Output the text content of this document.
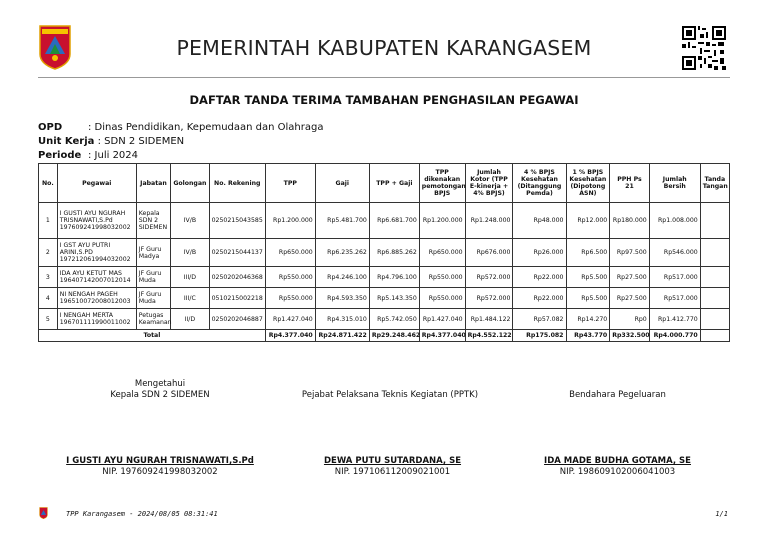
PEMERINTAH KABUPATEN KARANGASEM
DAFTAR TANDA TERIMA TAMBAHAN PENGHASILAN PEGAWAI
OPD	: Dinas Pendidikan, Kepemudaan dan Olahraga
Unit Kerja
: SDN 2 SIDEMEN
Periode : Juli 2024
No.	Pegawai	Jabatan	Golongan	No. Rekening	TPP	Gaji	TPP + Gaji	TPP dikenakan pemotongan BPJS	Jumlah Kotor (TPP E-kinerja + 4% BPJS)	4 % BPJS Kesehatan (Ditanggung Pemda)	1 % BPJS Kesehatan (Dipotong ASN)	PPH Ps 21	Jumlah Bersih	Tanda Tangan
1	I GUSTI AYU NGURAH TRISNAWATI,S.Pd 197609241998032002	Kepala SDN 2 SIDEMEN	IV/B	0250215043585	Rp1.200.000	Rp5.481.700	Rp6.681.700	Rp1.200.000	Rp1.248.000	Rp48.000	Rp12.000	Rp180.000	Rp1.008.000	
2	I GST AYU PUTRI ARINI,S.PD 197212061994032002	JF Guru Madya	IV/B	0250215044137	Rp650.000	Rp6.235.262	Rp6.885.262	Rp650.000	Rp676.000	Rp26.000	Rp6.500	Rp97.500	Rp546.000	
3	IDA AYU KETUT MAS 196407142007012014	JF Guru Muda	III/D	0250202046368	Rp550.000	Rp4.246.100	Rp4.796.100	Rp550.000	Rp572.000	Rp22.000	Rp5.500	Rp27.500	Rp517.000	
4	NI NENGAH PAGEH 196510072008012003	JF Guru Muda	III/C	0510215002218	Rp550.000	Rp4.593.350	Rp5.143.350	Rp550.000	Rp572.000	Rp22.000	Rp5.500	Rp27.500	Rp517.000	
5	I NENGAH MERTA 196701111990011002	Petugas Keamanan	II/D	0250202046887	Rp1.427.040	Rp4.315.010	Rp5.742.050	Rp1.427.040	Rp1.484.122	Rp57.082	Rp14.270	Rp0	Rp1.412.770	
Total					Rp4.377.040	Rp24.871.422	Rp29.248.462	Rp4.377.040	Rp4.552.122	Rp175.082	Rp43.770	Rp332.500	Rp4.000.770	
Mengetahui
Kepala SDN 2 SIDEMEN	Pejabat Pelaksana Teknis Kegiatan (PPTK)	Bendahara Pegeluaran
I GUSTI AYU NGURAH TRISNAWATI,S.Pd
NIP. 197609241998032002
DEWA PUTU SUTARDANA, SE
NIP. 197106112009021001
IDA MADE BUDHA GOTAMA, SE
NIP. 198609102006041003
TPP Karangasem - 2024/08/05 08:31:41	1/1
